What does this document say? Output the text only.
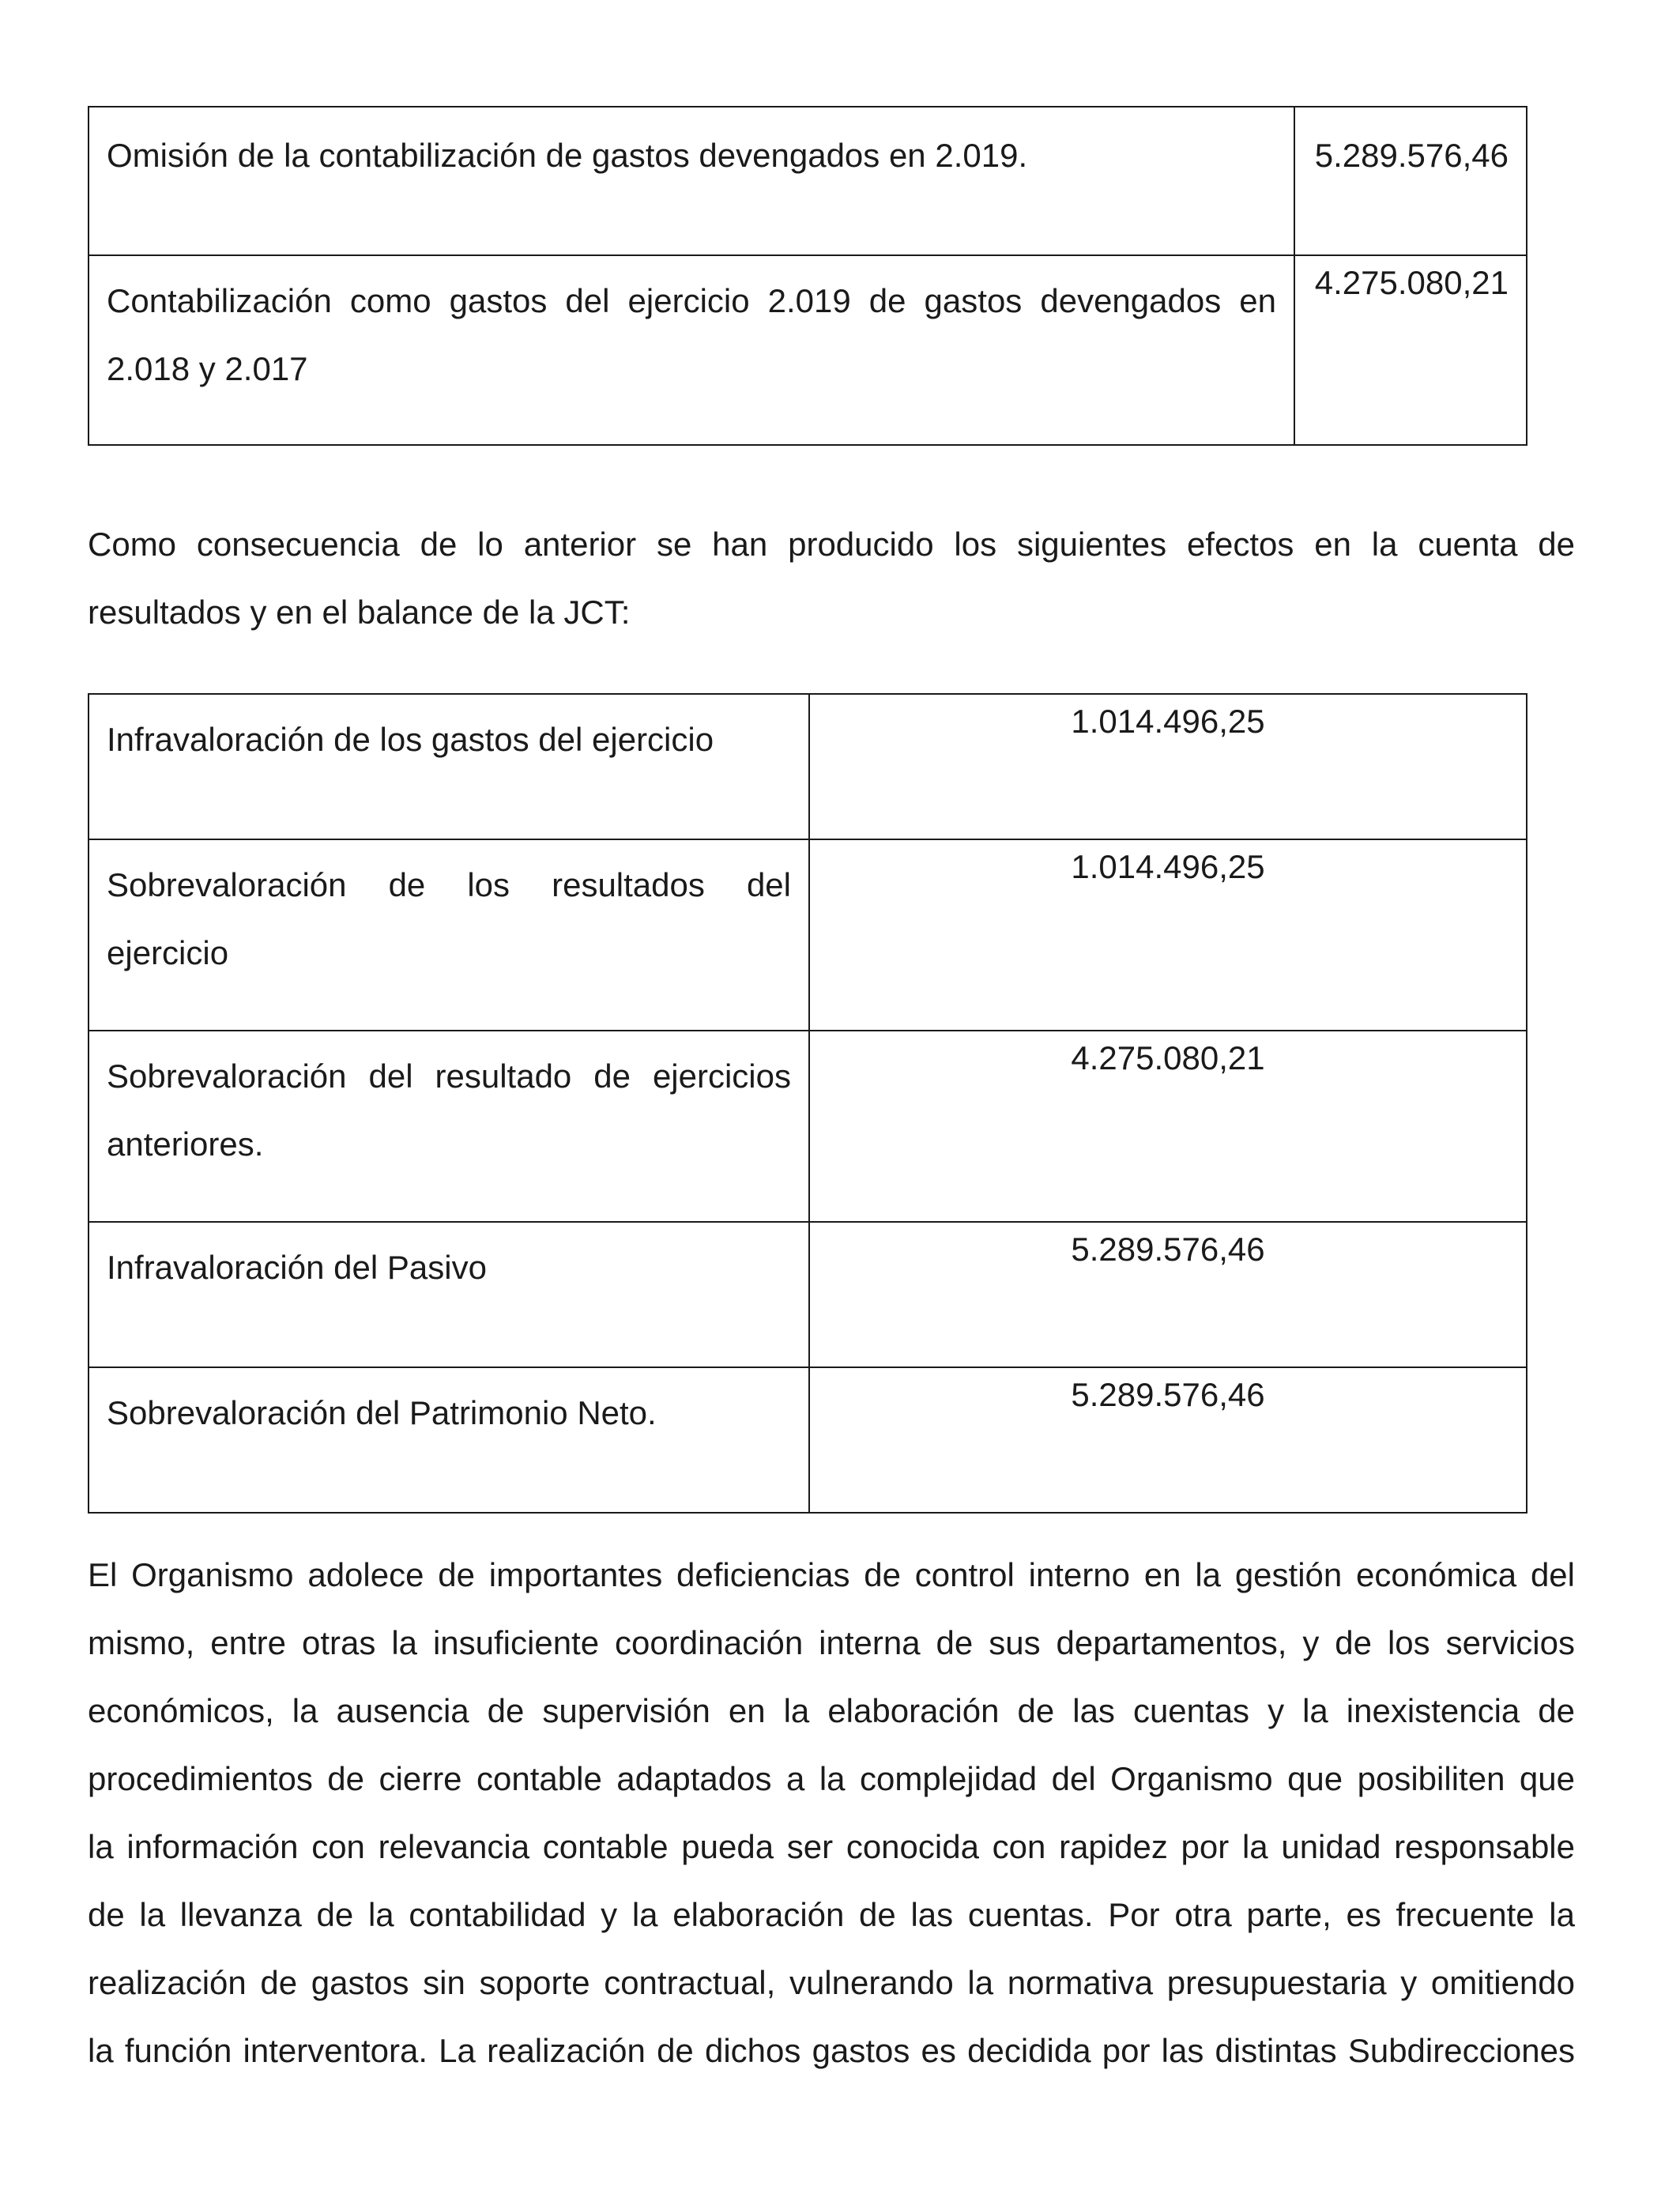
Omisión de la contabilización de gastos devengados en 2.019.	5.289.576,46
Contabilización como gastos del ejercicio 2.019 de gastos devengados en 2.018 y 2.017	4.275.080,21

Como consecuencia de lo anterior se han producido los siguientes efectos en la cuenta de
resultados y en el balance de la JCT:

Infravaloración de los gastos del ejercicio	1.014.496,25
Sobrevaloración de los resultados del ejercicio	1.014.496,25
Sobrevaloración del resultado de ejercicios anteriores.	4.275.080,21
Infravaloración del Pasivo	5.289.576,46
Sobrevaloración del Patrimonio Neto.	5.289.576,46

El Organismo adolece de importantes deficiencias de control interno en la gestión económica del
mismo, entre otras la insuficiente coordinación interna de sus departamentos, y de los servicios
económicos, la ausencia de supervisión en la elaboración de las cuentas y la inexistencia de
procedimientos de cierre contable adaptados a la complejidad del Organismo que posibiliten que
la información con relevancia contable pueda ser conocida con rapidez por la unidad responsable
de la llevanza de la contabilidad y la elaboración de las cuentas. Por otra parte, es frecuente la
realización de gastos sin soporte contractual, vulnerando la normativa presupuestaria y omitiendo
la función interventora. La realización de dichos gastos es decidida por las distintas Subdirecciones
